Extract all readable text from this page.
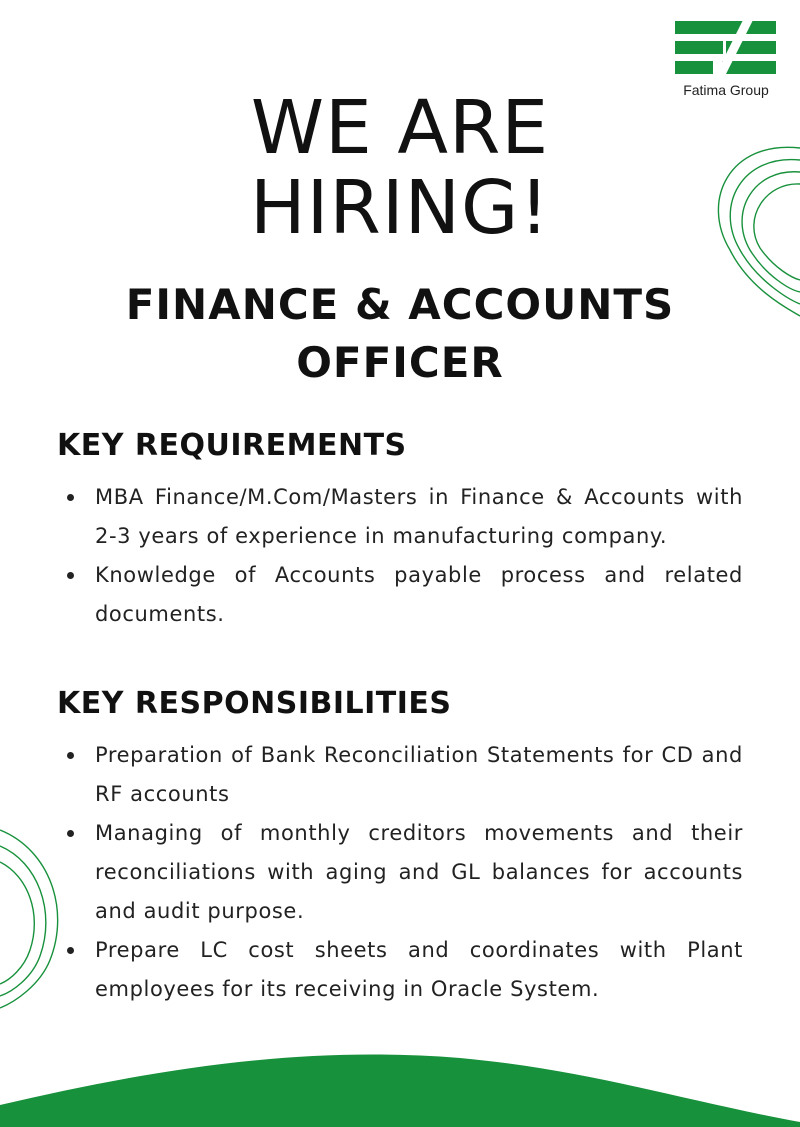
Fatima Group
WE ARE
HIRING!
FINANCE & ACCOUNTS
OFFICER
KEY REQUIREMENTS
MBA Finance/M.Com/Masters in Finance & Accounts with 2-3 years of experience in manufacturing company.
Knowledge of Accounts payable process and related documents.
KEY RESPONSIBILITIES
Preparation of Bank Reconciliation Statements for CD and RF accounts
Managing of monthly creditors movements and their reconciliations with aging and GL balances for accounts and audit purpose.
Prepare LC cost sheets and coordinates with Plant employees for its receiving in Oracle System.
